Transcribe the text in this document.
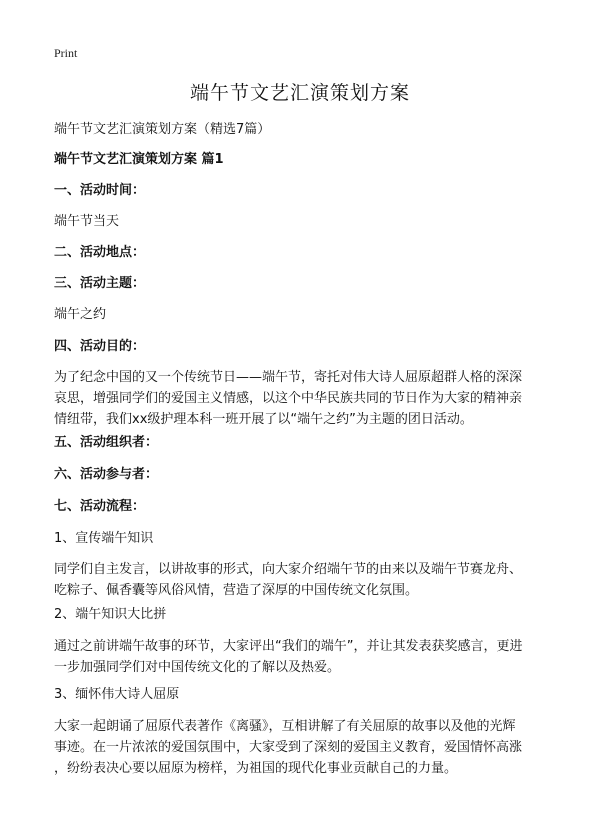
Print
端午节文艺汇演策划方案
端午节文艺汇演策划方案（精选7篇）
端午节文艺汇演策划方案 篇1
一、活动时间：
端午节当天
二、活动地点：
三、活动主题：
端午之约
四、活动目的：
为了纪念中国的又一个传统节日——端午节，寄托对伟大诗人屈原超群人格的深深
哀思，增强同学们的爱国主义情感，以这个中华民族共同的节日作为大家的精神亲
情纽带，我们xx级护理本科一班开展了以“端午之约”为主题的团日活动。
五、活动组织者：
六、活动参与者：
七、活动流程：
1、宣传端午知识
同学们自主发言，以讲故事的形式，向大家介绍端午节的由来以及端午节赛龙舟、
吃粽子、佩香囊等风俗风情，营造了深厚的中国传统文化氛围。
2、端午知识大比拼
通过之前讲端午故事的环节，大家评出“我们的端午”，并让其发表获奖感言，更进
一步加强同学们对中国传统文化的了解以及热爱。
3、缅怀伟大诗人屈原
大家一起朗诵了屈原代表著作《离骚》，互相讲解了有关屈原的故事以及他的光辉
事迹。在一片浓浓的爱国氛围中，大家受到了深刻的爱国主义教育，爱国情怀高涨
，纷纷表决心要以屈原为榜样，为祖国的现代化事业贡献自己的力量。
